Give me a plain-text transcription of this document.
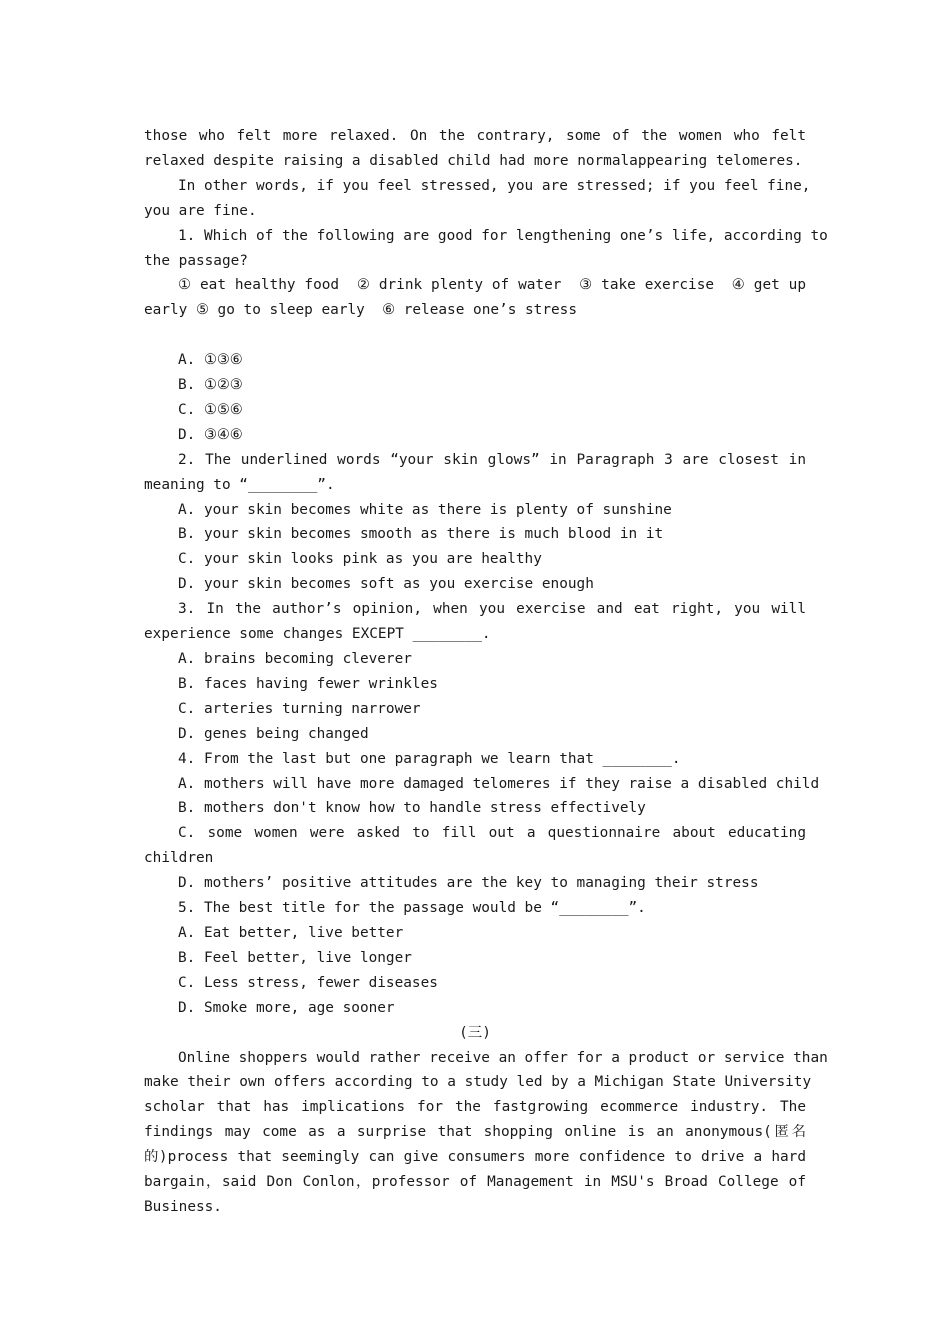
those who felt more relaxed. On the contrary, some of the women who felt
relaxed despite raising a disabled child had more normalappearing telomeres.
In other words, if you feel stressed, you are stressed; if you feel fine,
you are fine.
1. Which of the following are good for lengthening one’s life, according to
the passage?
① eat healthy food  ② drink plenty of water  ③ take exercise  ④ get up
early ⑤ go to sleep early  ⑥ release one’s stress
A. ①③⑥
B. ①②③
C. ①⑤⑥
D. ③④⑥
2. The underlined words “your skin glows” in Paragraph 3 are closest in
meaning to “________”.
A. your skin becomes white as there is plenty of sunshine
B. your skin becomes smooth as there is much blood in it
C. your skin looks pink as you are healthy
D. your skin becomes soft as you exercise enough
3. In the author’s opinion, when you exercise and eat right, you will
experience some changes EXCEPT ________.
A. brains becoming cleverer
B. faces having fewer wrinkles
C. arteries turning narrower
D. genes being changed
4. From the last but one paragraph we learn that ________.
A. mothers will have more damaged telomeres if they raise a disabled child
B. mothers don't know how to handle stress effectively
C. some women were asked to fill out a questionnaire about educating
children
D. mothers’ positive attitudes are the key to managing their stress
5. The best title for the passage would be “________”.
A. Eat better, live better
B. Feel better, live longer
C. Less stress, fewer diseases
D. Smoke more, age sooner
(三)
Online shoppers would rather receive an offer for a product or service than
make their own offers according to a study led by a Michigan State University
scholar that has implications for the fastgrowing ecommerce industry. The
findings may come as a surprise that shopping online is an anonymous(匿名
的)process that seemingly can give consumers more confidence to drive a hard
bargain，said Don Conlon，professor of Management in MSU's Broad College of
Business.
